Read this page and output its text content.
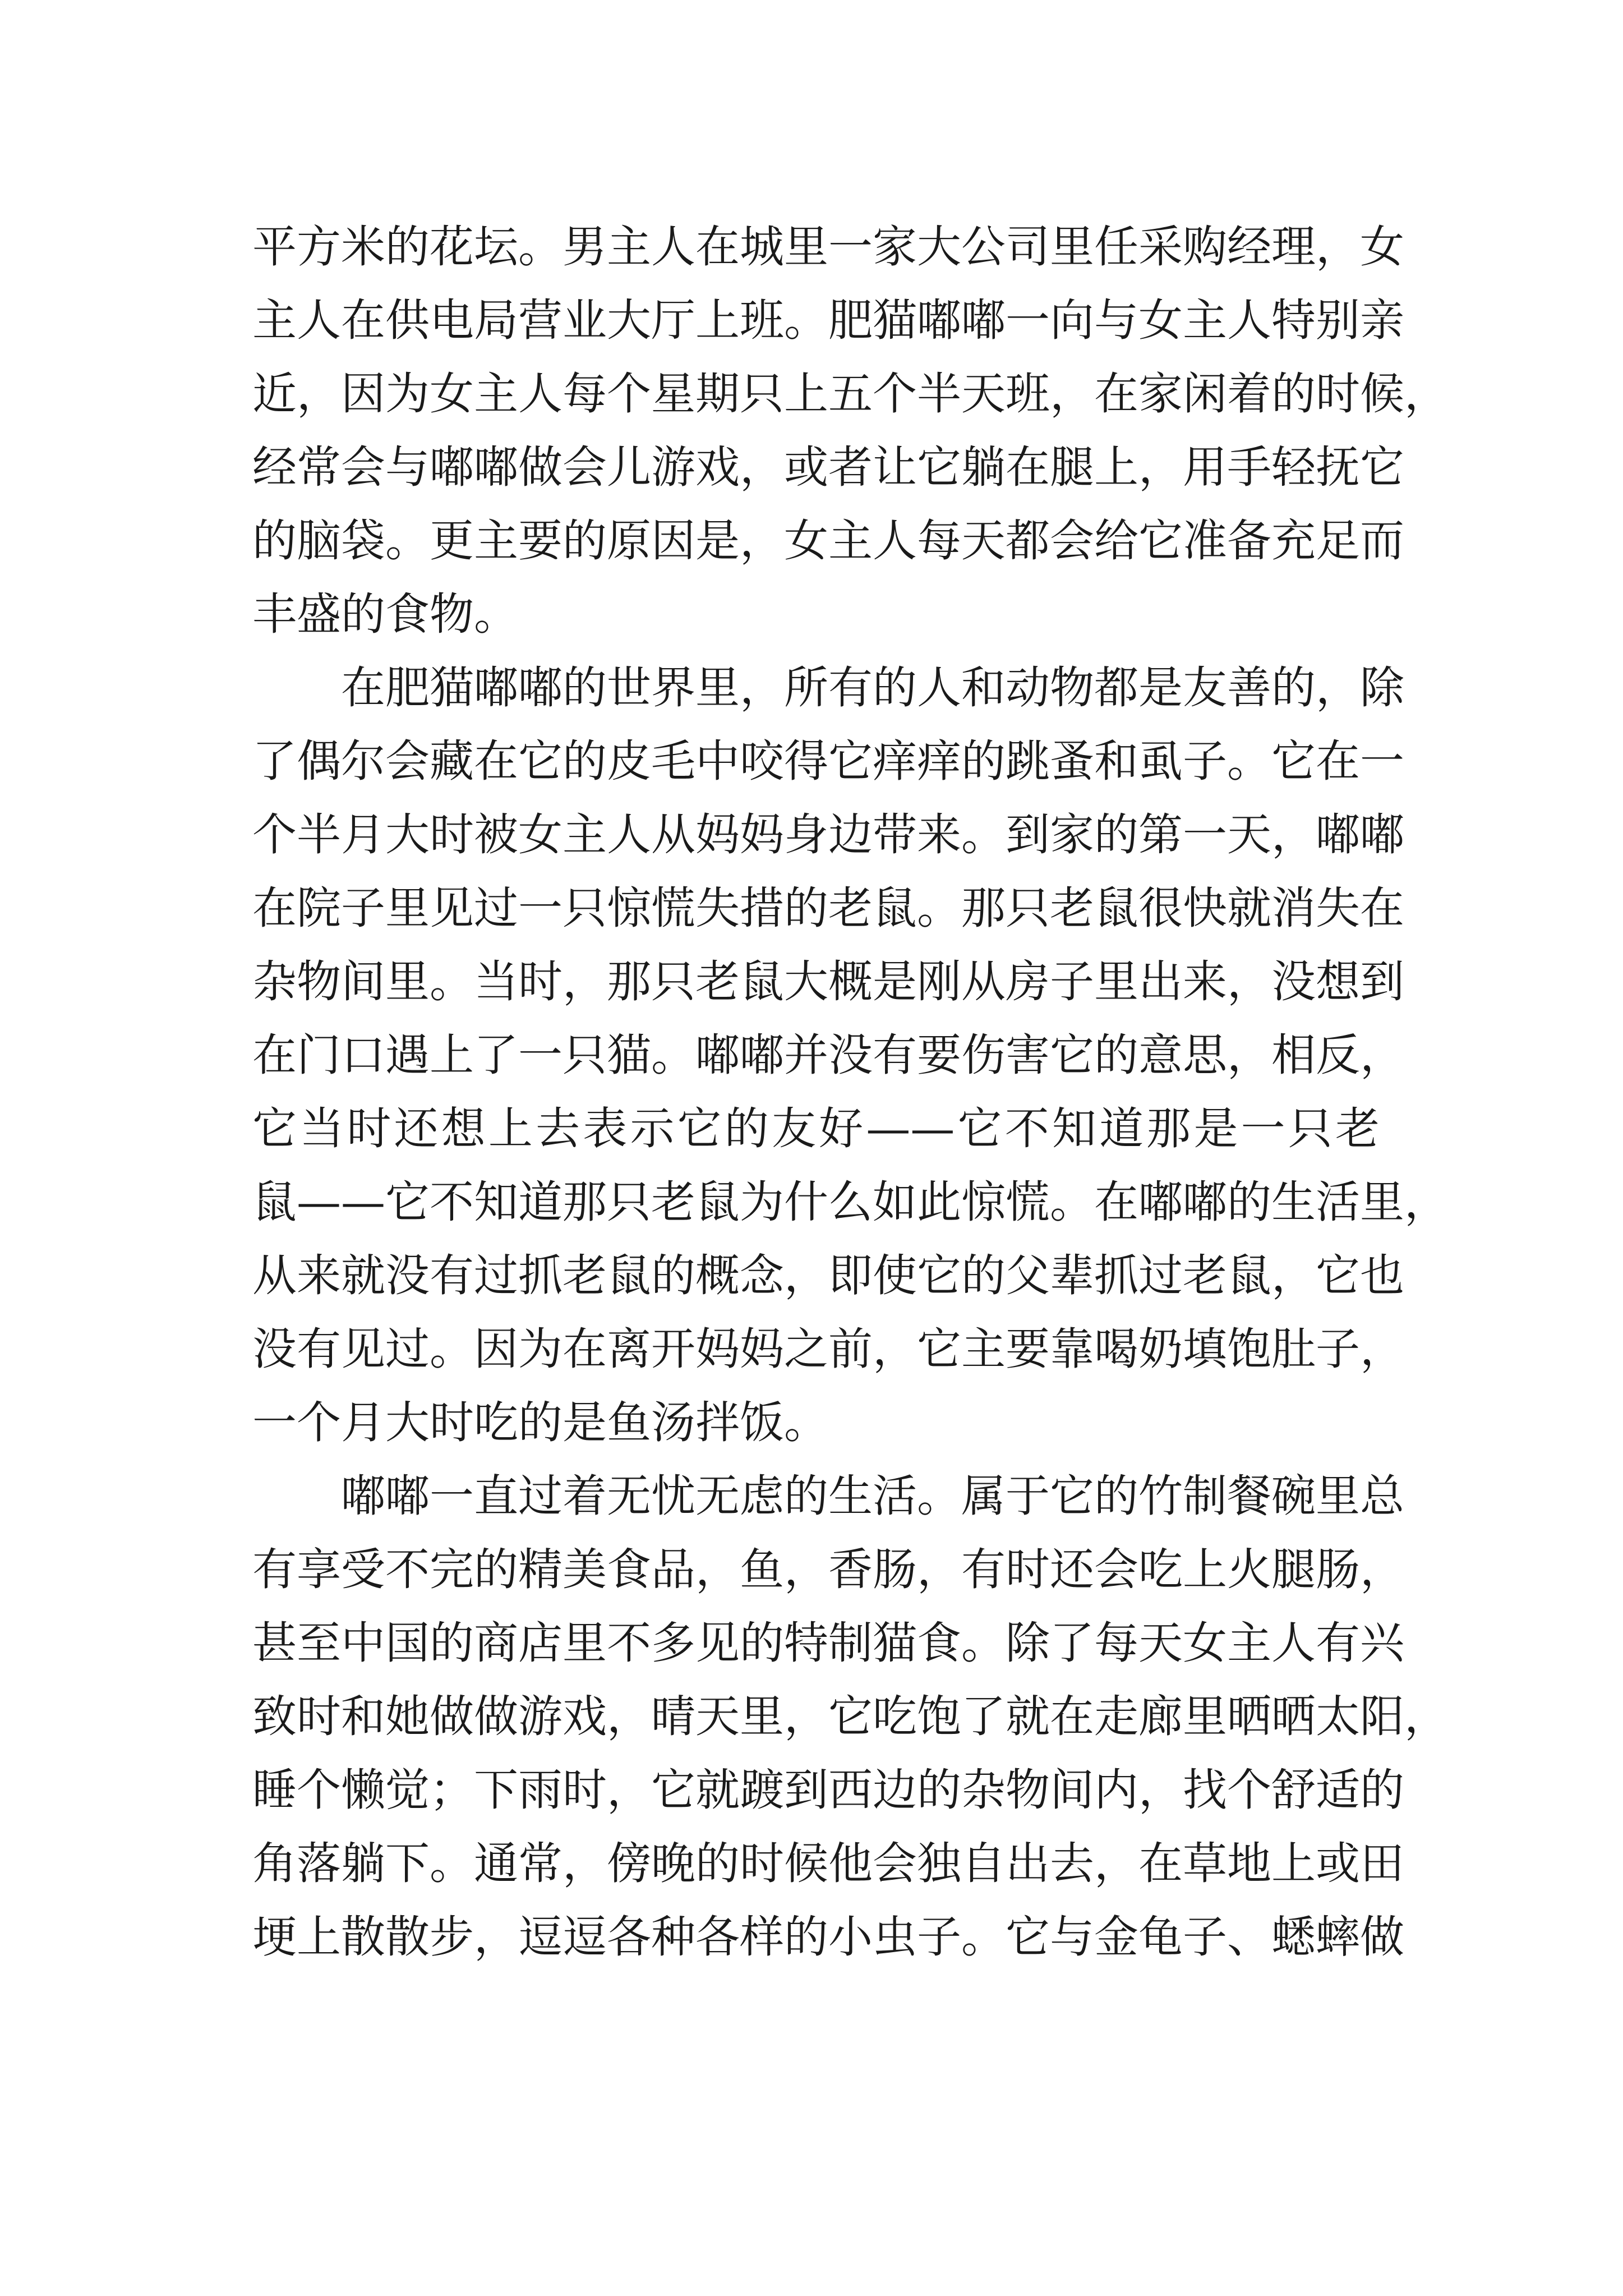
平方米的花坛。男主人在城里一家大公司里任采购经理，女
主人在供电局营业大厅上班。肥猫嘟嘟一向与女主人特别亲
近，因为女主人每个星期只上五个半天班，在家闲着的时候，
经常会与嘟嘟做会儿游戏，或者让它躺在腿上，用手轻抚它
的脑袋。更主要的原因是，女主人每天都会给它准备充足而
丰盛的食物。
在肥猫嘟嘟的世界里，所有的人和动物都是友善的，除
了偶尔会藏在它的皮毛中咬得它痒痒的跳蚤和虱子。它在一
个半月大时被女主人从妈妈身边带来。到家的第一天，嘟嘟
在院子里见过一只惊慌失措的老鼠。那只老鼠很快就消失在
杂物间里。当时，那只老鼠大概是刚从房子里出来，没想到
在门口遇上了一只猫。嘟嘟并没有要伤害它的意思，相反，
它当时还想上去表示它的友好——它不知道那是一只老
鼠——它不知道那只老鼠为什么如此惊慌。在嘟嘟的生活里，
从来就没有过抓老鼠的概念，即使它的父辈抓过老鼠，它也
没有见过。因为在离开妈妈之前，它主要靠喝奶填饱肚子，
一个月大时吃的是鱼汤拌饭。
嘟嘟一直过着无忧无虑的生活。属于它的竹制餐碗里总
有享受不完的精美食品，鱼，香肠，有时还会吃上火腿肠，
甚至中国的商店里不多见的特制猫食。除了每天女主人有兴
致时和她做做游戏，晴天里，它吃饱了就在走廊里晒晒太阳，
睡个懒觉；下雨时，它就踱到西边的杂物间内，找个舒适的
角落躺下。通常，傍晚的时候他会独自出去，在草地上或田
埂上散散步，逗逗各种各样的小虫子。它与金龟子、蟋蟀做
